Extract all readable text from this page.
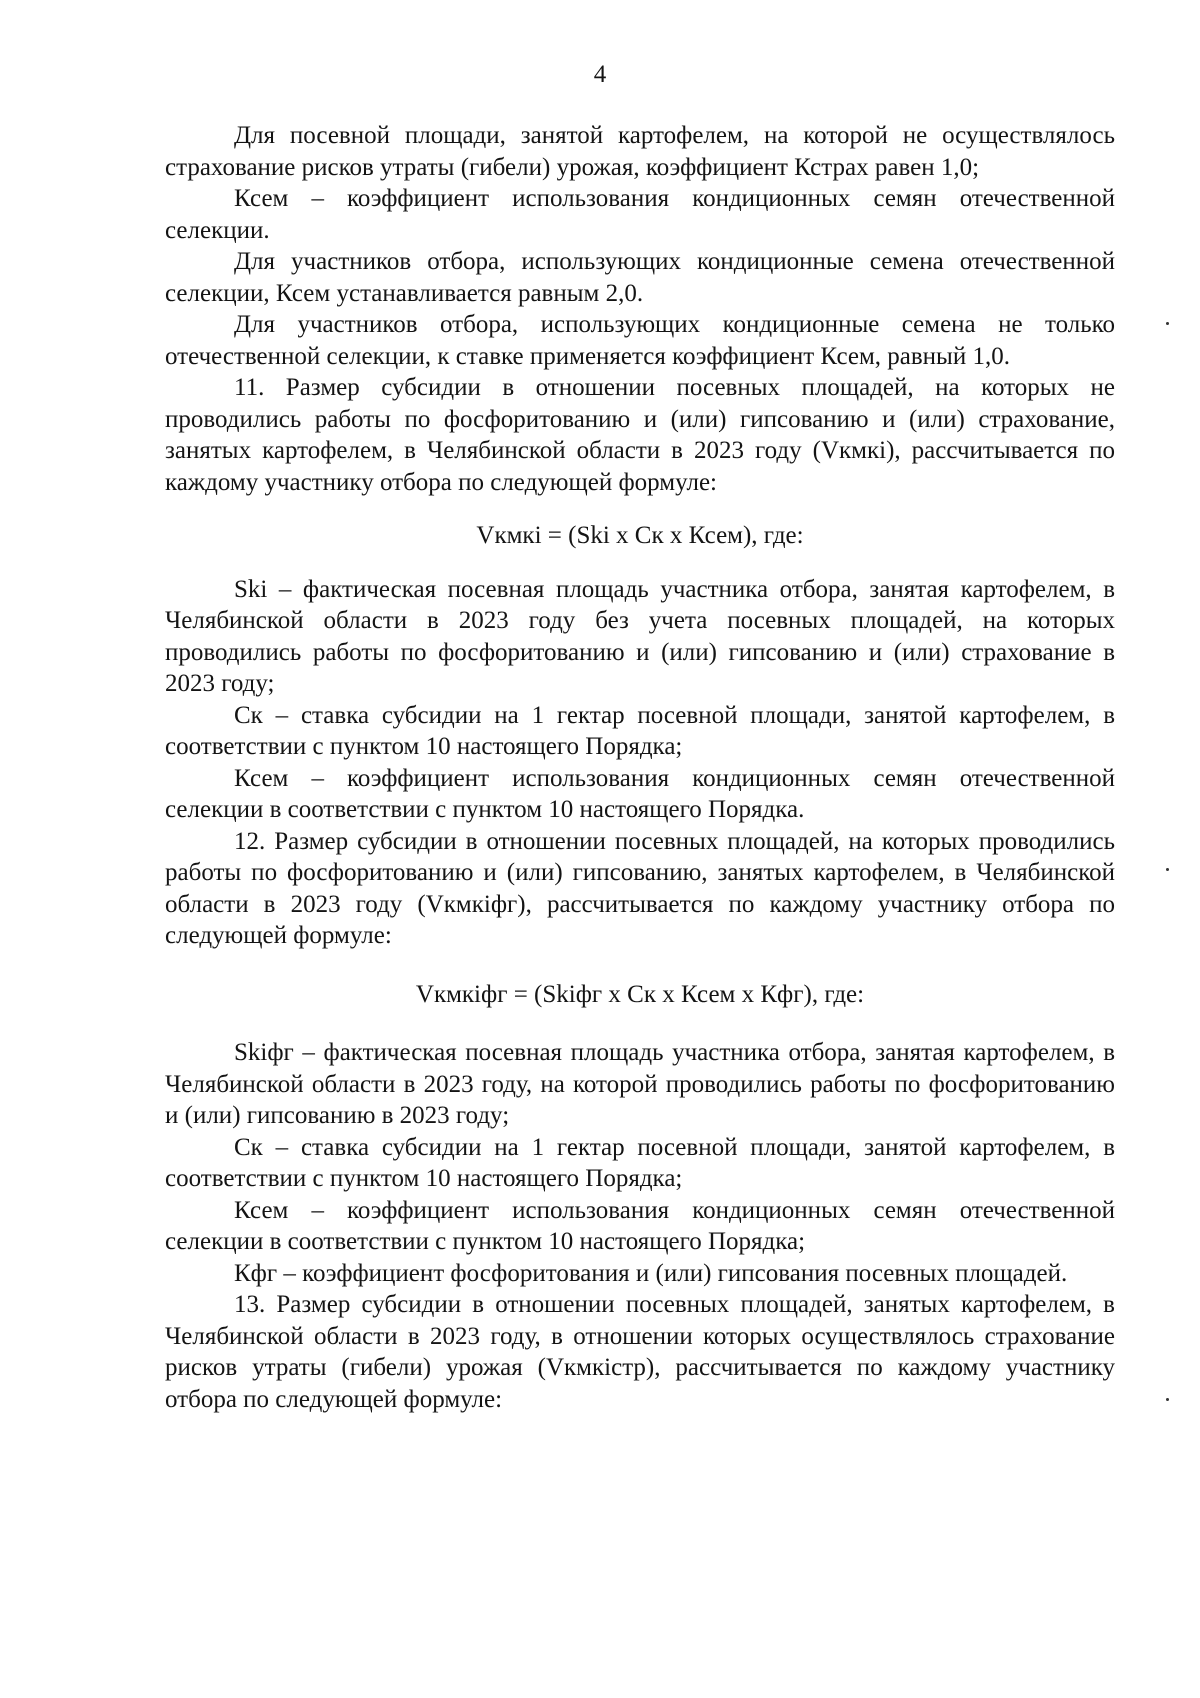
4

Для посевной площади, занятой картофелем, на которой не осуществлялось страхование рисков утраты (гибели) урожая, коэффициент Кстрах равен 1,0;

Ксем – коэффициент использования кондиционных семян отечественной селекции.

Для участников отбора, использующих кондиционные семена отечественной селекции, Ксем устанавливается равным 2,0.

Для участников отбора, использующих кондиционные семена не только отечественной селекции, к ставке применяется коэффициент Ксем, равный 1,0.

11. Размер субсидии в отношении посевных площадей, на которых не проводились работы по фосфоритованию и (или) гипсованию и (или) страхование, занятых картофелем, в Челябинской области в 2023 году (Vкмкi), рассчитывается по каждому участнику отбора по следующей формуле:

Vкмкi = (Ski х Ск х Ксем), где:

Ski – фактическая посевная площадь участника отбора, занятая картофелем, в Челябинской области в 2023 году без учета посевных площадей, на которых проводились работы по фосфоритованию и (или) гипсованию и (или) страхование в 2023 году;

Ск – ставка субсидии на 1 гектар посевной площади, занятой картофелем, в соответствии с пунктом 10 настоящего Порядка;

Ксем – коэффициент использования кондиционных семян отечественной селекции в соответствии с пунктом 10 настоящего Порядка.

12. Размер субсидии в отношении посевных площадей, на которых проводились работы по фосфоритованию и (или) гипсованию, занятых картофелем, в Челябинской области в 2023 году (Vкмкiфг), рассчитывается по каждому участнику отбора по следующей формуле:

Vкмкiфг = (Skiфг х Ск х Ксем х Кфг), где:

Skiфг – фактическая посевная площадь участника отбора, занятая картофелем, в Челябинской области в 2023 году, на которой проводились работы по фосфоритованию и (или) гипсованию в 2023 году;

Ск – ставка субсидии на 1 гектар посевной площади, занятой картофелем, в соответствии с пунктом 10 настоящего Порядка;

Ксем – коэффициент использования кондиционных семян отечественной селекции в соответствии с пунктом 10 настоящего Порядка;

Кфг – коэффициент фосфоритования и (или) гипсования посевных площадей.

13. Размер субсидии в отношении посевных площадей, занятых картофелем, в Челябинской области в 2023 году, в отношении которых осуществлялось страхование рисков утраты (гибели) урожая (Vкмкiстр), рассчитывается по каждому участнику отбора по следующей формуле:
